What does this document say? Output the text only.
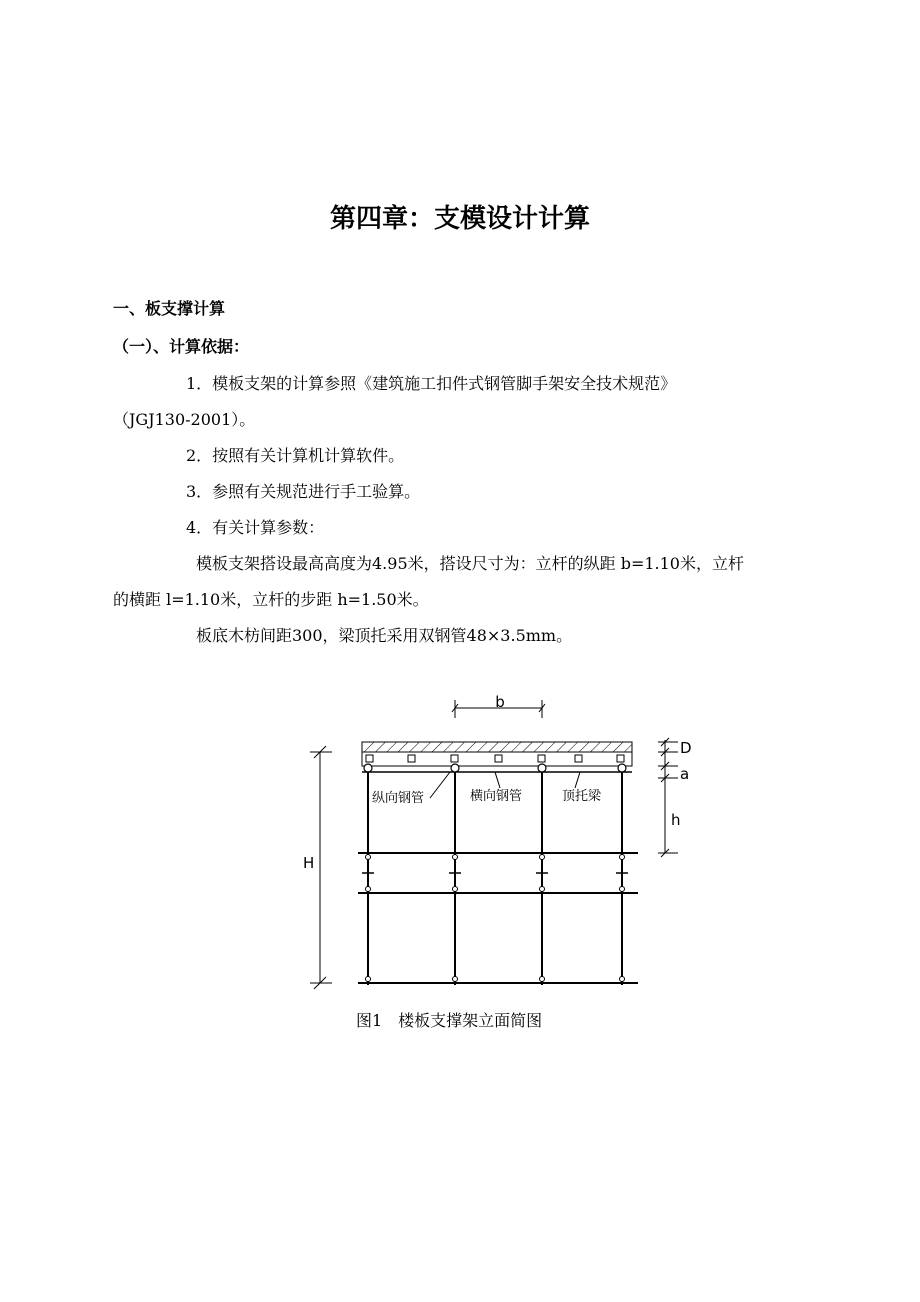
第四章：支模设计计算
一、板支撑计算
（一）、计算依据：
1．模板支架的计算参照《建筑施工扣件式钢管脚手架安全技术规范》
（JGJ130-2001）。
2．按照有关计算机计算软件。
3．参照有关规范进行手工验算。
4．有关计算参数：
模板支架搭设最高高度为4.95米，搭设尺寸为：立杆的纵距 b=1.10米，立杆
的横距 l=1.10米，立杆的步距 h=1.50米。
板底木枋间距300，梁顶托采用双钢管48×3.5mm。
b
纵向钢管	横向钢管	顶托梁
H
D
a
h
图1　楼板支撑架立面简图
